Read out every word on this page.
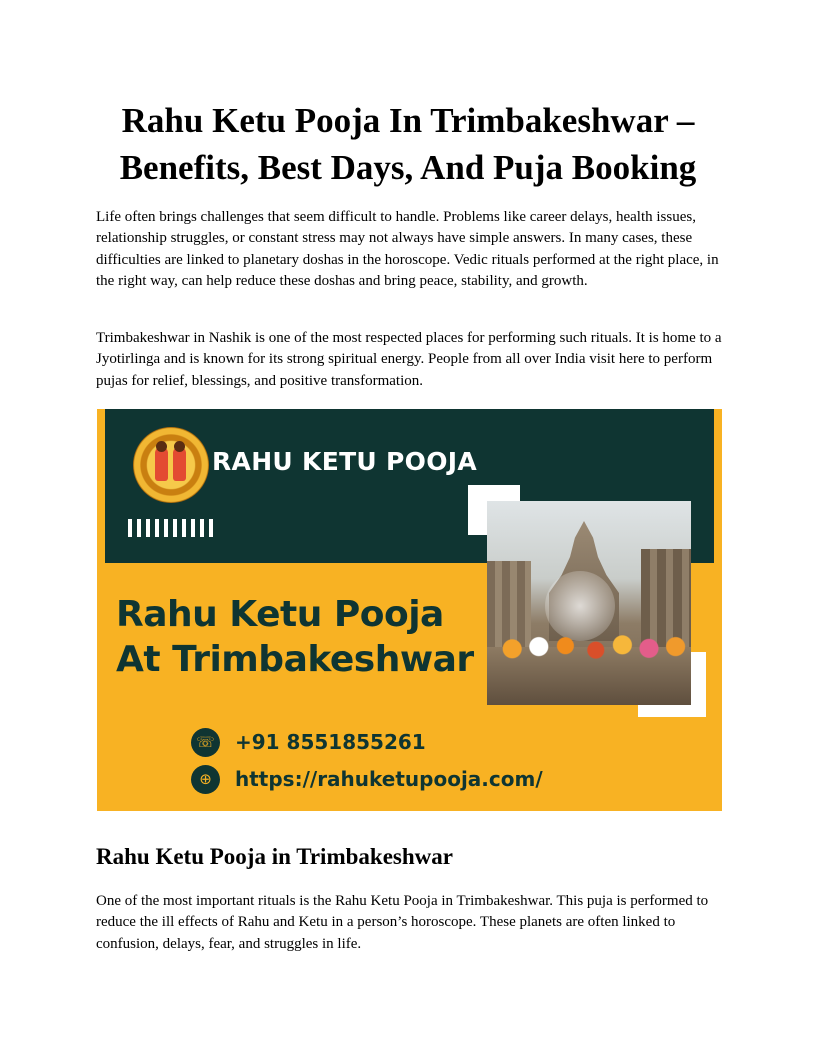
Rahu Ketu Pooja In Trimbakeshwar – Benefits, Best Days, And Puja Booking

Life often brings challenges that seem difficult to handle. Problems like career delays, health issues, relationship struggles, or constant stress may not always have simple answers. In many cases, these difficulties are linked to planetary doshas in the horoscope. Vedic rituals performed at the right place, in the right way, can help reduce these doshas and bring peace, stability, and growth.

Trimbakeshwar in Nashik is one of the most respected places for performing such rituals. It is home to a Jyotirlinga and is known for its strong spiritual energy. People from all over India visit here to perform pujas for relief, blessings, and positive transformation.

RAHU KETU POOJA
Rahu Ketu Pooja
At Trimbakeshwar
☏ +91 8551855261
⊕	https://rahuketupooja.com/
Rahu Ketu Pooja in Trimbakeshwar

One of the most important rituals is the Rahu Ketu Pooja in Trimbakeshwar. This puja is performed to reduce the ill effects of Rahu and Ketu in a person’s horoscope. These planets are often linked to confusion, delays, fear, and struggles in life.
